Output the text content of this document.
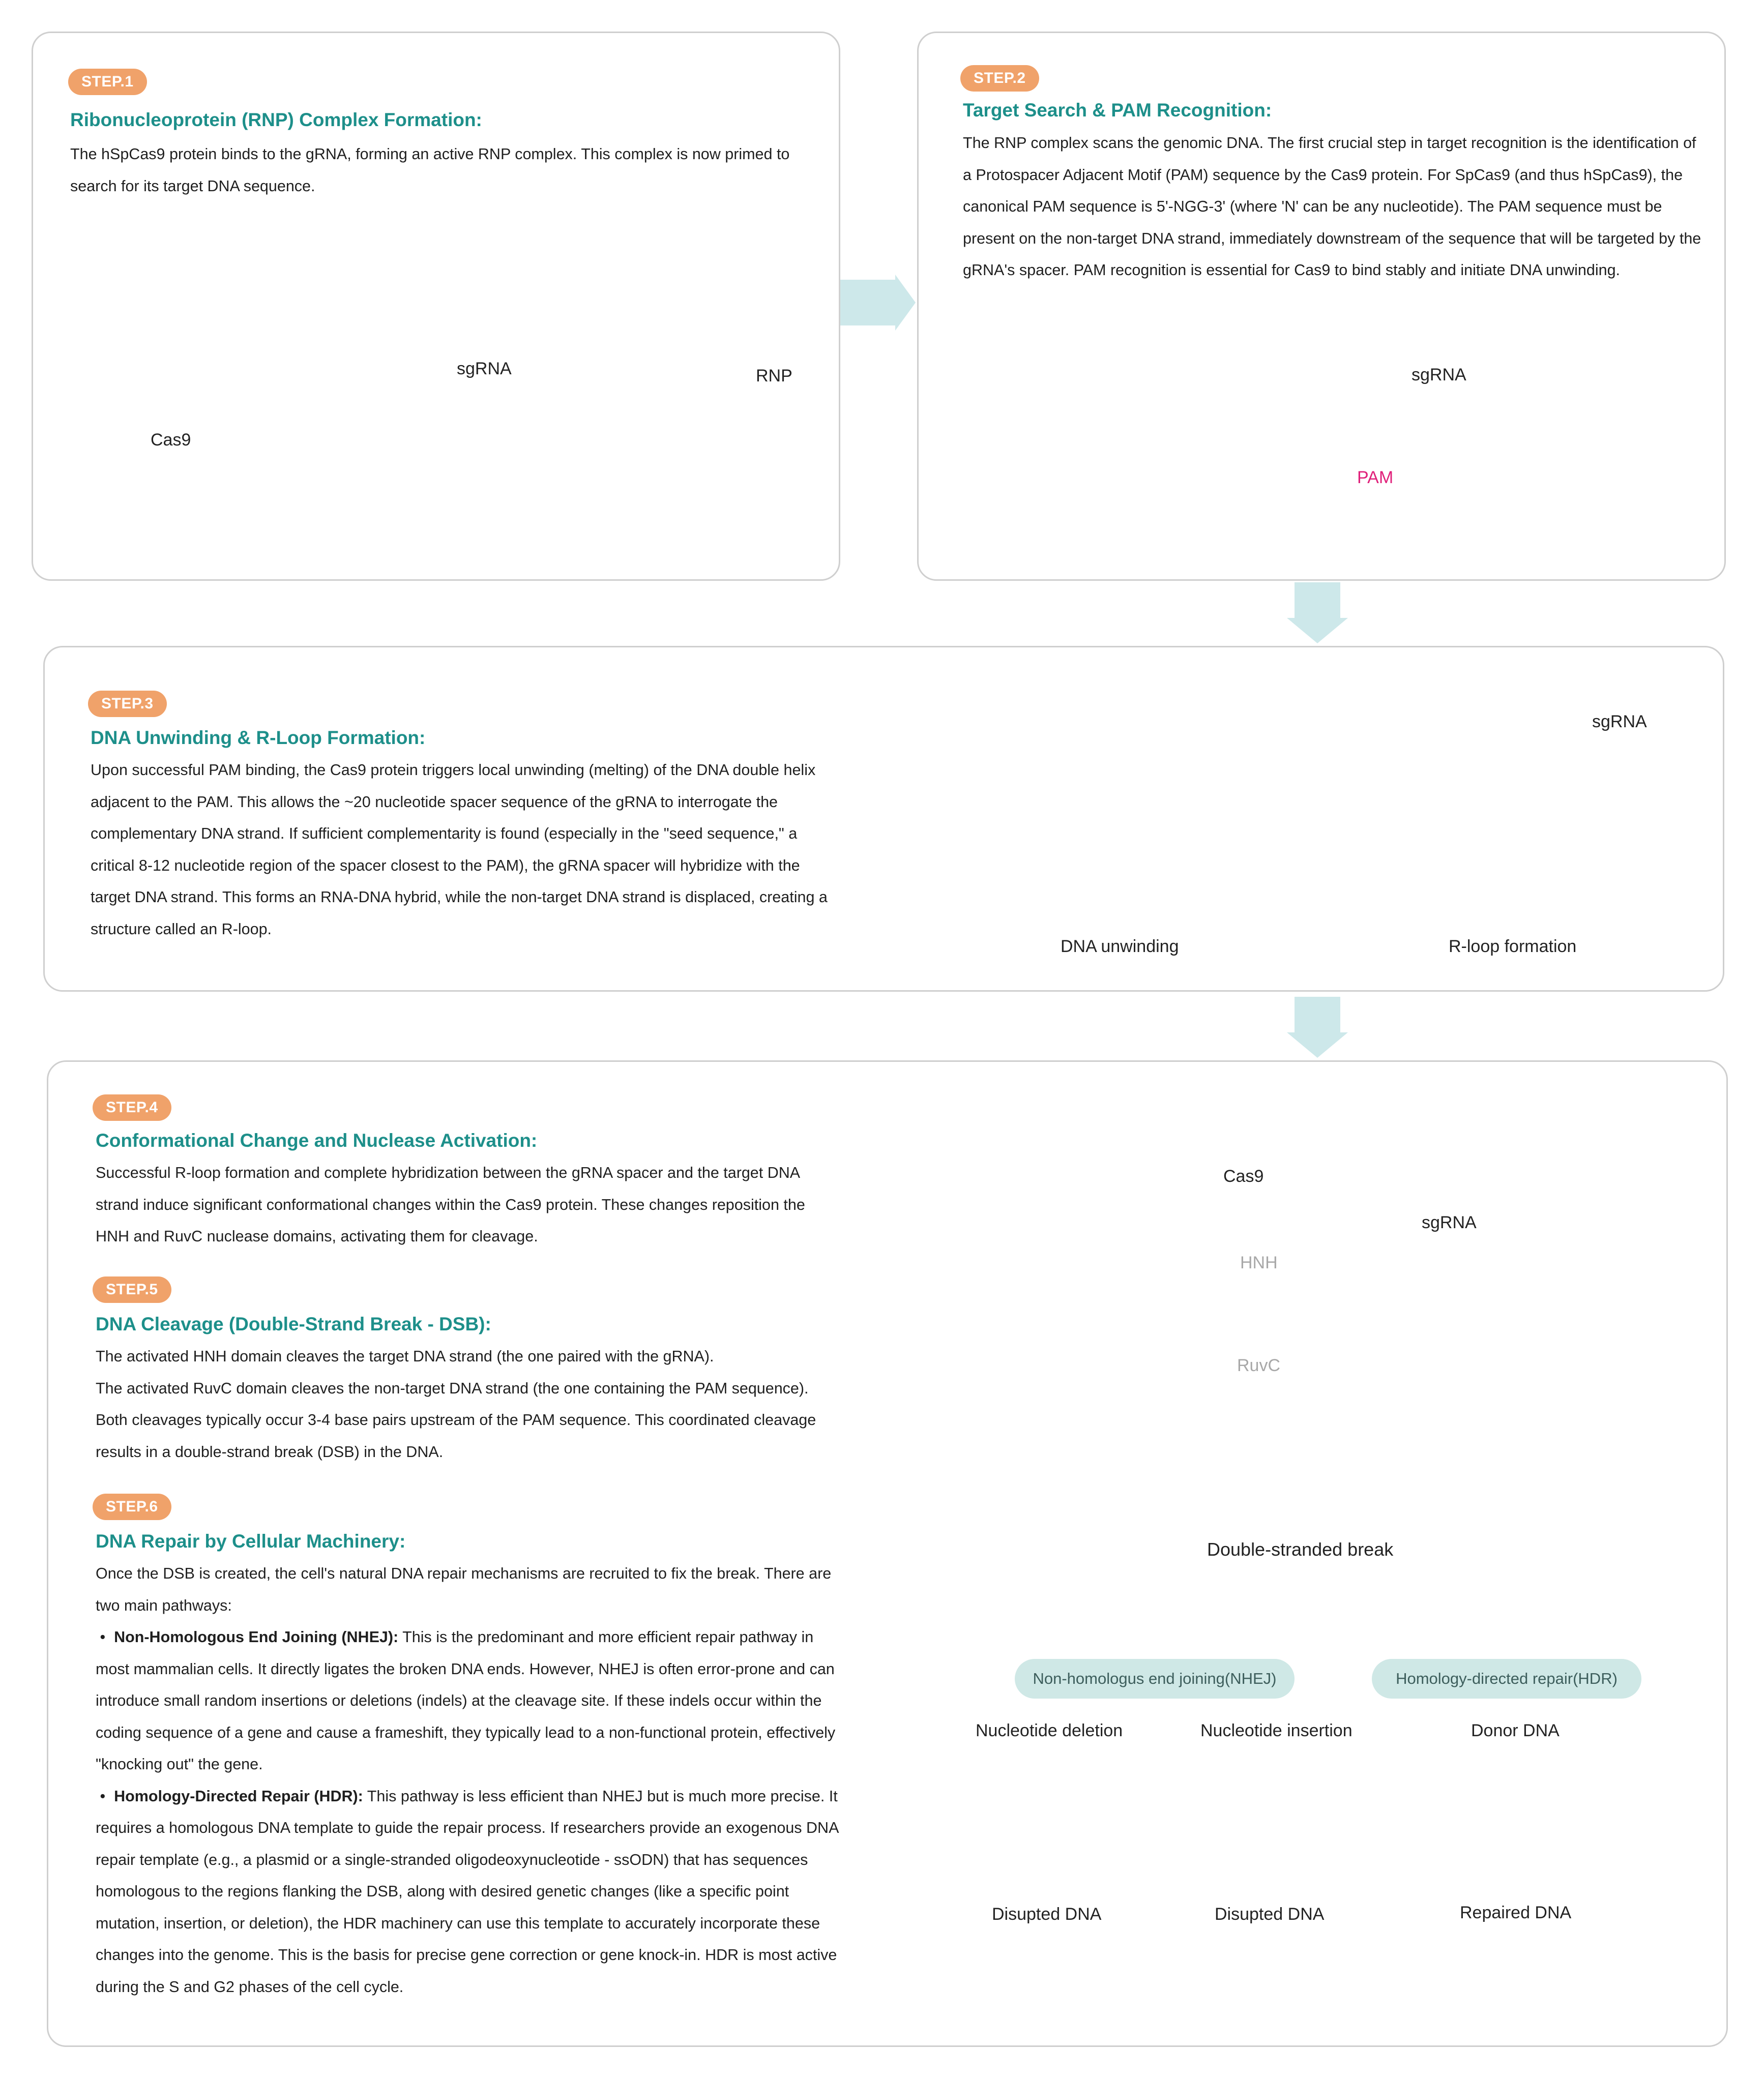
STEP.1
Ribonucleoprotein (RNP) Complex Formation:
The hSpCas9 protein binds to the gRNA, forming an active RNP complex. This complex is now primed to search for its target DNA sequence.
Cas9
sgRNA	RNP
STEP.2
Target Search & PAM Recognition:
The RNP complex scans the genomic DNA. The first crucial step in target recognition is the identification of a Protospacer Adjacent Motif (PAM) sequence by the Cas9 protein. For SpCas9 (and thus hSpCas9), the canonical PAM sequence is 5'-NGG-3' (where 'N' can be any nucleotide). The PAM sequence must be present on the non-target DNA strand, immediately downstream of the sequence that will be targeted by the gRNA's spacer. PAM recognition is essential for Cas9 to bind stably and initiate DNA unwinding.
sgRNA
PAM
STEP.3
DNA Unwinding & R-Loop Formation:
Upon successful PAM binding, the Cas9 protein triggers local unwinding (melting) of the DNA double helix adjacent to the PAM. This allows the ~20 nucleotide spacer sequence of the gRNA to interrogate the complementary DNA strand. If sufficient complementarity is found (especially in the "seed sequence," a critical 8-12 nucleotide region of the spacer closest to the PAM), the gRNA spacer will hybridize with the target DNA strand. This forms an RNA-DNA hybrid, while the non-target DNA strand is displaced, creating a structure called an R-loop.
DNA unwinding	R-loop formation
sgRNA
STEP.4
Conformational Change and Nuclease Activation:
Successful R-loop formation and complete hybridization between the gRNA spacer and the target DNA strand induce significant conformational changes within the Cas9 protein. These changes reposition the HNH and RuvC nuclease domains, activating them for cleavage.
STEP.5
DNA Cleavage (Double-Strand Break - DSB):

The activated HNH domain cleaves the target DNA strand (the one paired with the gRNA).

The activated RuvC domain cleaves the non-target DNA strand (the one containing the PAM sequence). Both cleavages typically occur 3-4 base pairs upstream of the PAM sequence. This coordinated cleavage results in a double-strand break (DSB) in the DNA.

STEP.6
DNA Repair by Cellular Machinery:

Once the DSB is created, the cell's natural DNA repair mechanisms are recruited to fix the break. There are two main pathways:

•  Non-Homologous End Joining (NHEJ): This is the predominant and more efficient repair pathway in most mammalian cells. It directly ligates the broken DNA ends. However, NHEJ is often error-prone and can introduce small random insertions or deletions (indels) at the cleavage site. If these indels occur within the coding sequence of a gene and cause a frameshift, they typically lead to a non-functional protein, effectively "knocking out" the gene.

•  Homology-Directed Repair (HDR): This pathway is less efficient than NHEJ but is much more precise. It requires a homologous DNA template to guide the repair process. If researchers provide an exogenous DNA repair template (e.g., a plasmid or a single-stranded oligodeoxynucleotide - ssODN) that has sequences homologous to the regions flanking the DSB, along with desired genetic changes (like a specific point mutation, insertion, or deletion), the HDR machinery can use this template to accurately incorporate these changes into the genome. This is the basis for precise gene correction or gene knock-in. HDR is most active during the S and G2 phases of the cell cycle.

Cas9
sgRNA
HNH
RuvC
Double-stranded break
Non-homologus end joining(NHEJ)	Homology-directed repair(HDR)
Nucleotide deletion	Nucleotide insertion	Donor DNA
Disupted DNA	Disupted DNA	Repaired DNA
